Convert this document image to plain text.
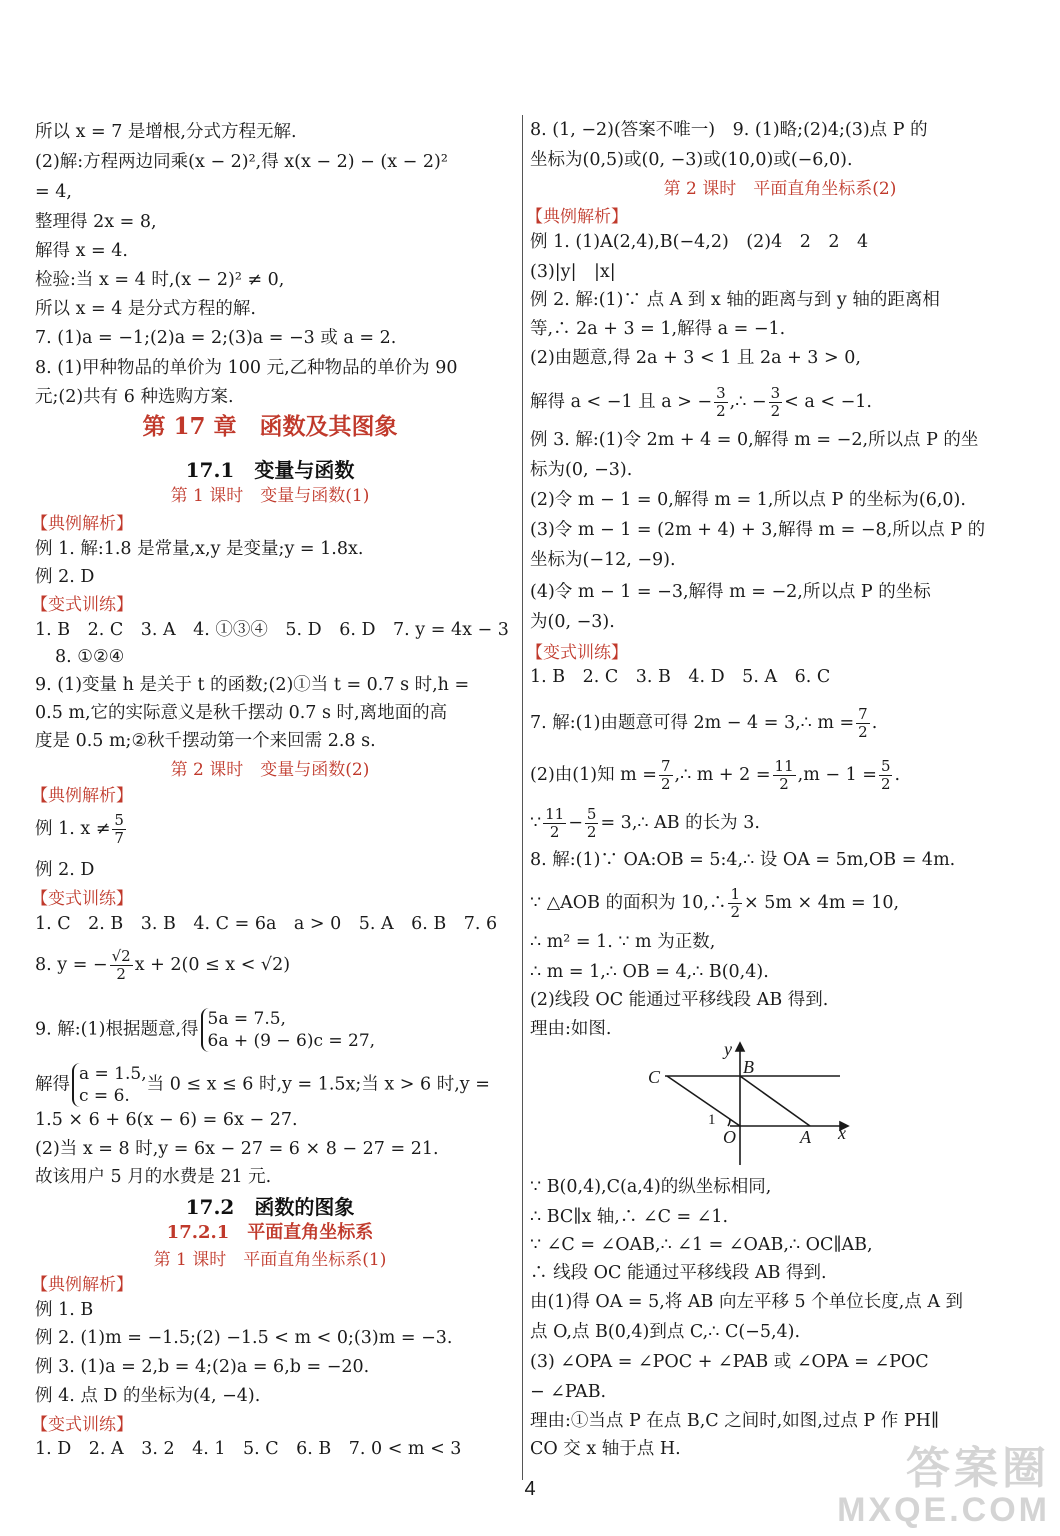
所以 x = 7 是增根,分式方程无解.
(2)解:方程两边同乘(x − 2)²,得 x(x − 2) − (x − 2)²
= 4,
整理得 2x = 8,
解得 x = 4.
检验:当 x = 4 时,(x − 2)² ≠ 0,
所以 x = 4 是分式方程的解.
7. (1)a = −1;(2)a = 2;(3)a = −3 或 a = 2.
8. (1)甲种物品的单价为 100 元,乙种物品的单价为 90
元;(2)共有 6 种选购方案.
第 17 章　函数及其图象
17.1　变量与函数
第 1 课时　变量与函数(1)
【典例解析】
例 1. 解:1.8 是常量,x,y 是变量;y = 1.8x.
例 2. D
【变式训练】
1. B　2. C　3. A　4. ①③④　5. D　6. D　7. y = 4x − 3
8. ①②④
9. (1)变量 h 是关于 t 的函数;(2)①当 t = 0.7 s 时,h =
0.5 m,它的实际意义是秋千摆动 0.7 s 时,离地面的高
度是 0.5 m;②秋千摆动第一个来回需 2.8 s.
第 2 课时　变量与函数(2)
【典例解析】
例 1. $x \ne \frac{5}{7}$
例 2. D
【变式训练】
1. C　2. B　3. B　4. C = 6a　a > 0　5. A　6. B　7. 6
8. y = − $\frac{√2}{2}$ x + 2(0 ≤ x < √2)
9. 解:(1)根据题意,得
5a = 7.5,
6a + (9 − 6)c = 27,
解得
a = 1.5,
c = 6.
当 0 ≤ x ≤ 6 时,y = 1.5x;当 x > 6 时,y =
1.5 × 6 + 6(x − 6) = 6x − 27.
(2)当 x = 8 时,y = 6x − 27 = 6 × 8 − 27 = 21.
故该用户 5 月的水费是 21 元.
17.2　函数的图象
17.2.1　平面直角坐标系
第 1 课时　平面直角坐标系(1)
【典例解析】
例 1. B
例 2. (1)m = −1.5;(2) −1.5 < m < 0;(3)m = −3.
例 3. (1)a = 2,b = 4;(2)a = 6,b = −20.
例 4. 点 D 的坐标为(4, −4).
【变式训练】
1. D　2. A　3. 2　4. 1　5. C　6. B　7. 0 < m < 3
8. (1, −2)(答案不唯一)　9. (1)略;(2)4;(3)点 P 的
坐标为(0,5)或(0, −3)或(10,0)或(−6,0).
第 2 课时　平面直角坐标系(2)
【典例解析】
例 1. (1)A(2,4),B(−4,2)　(2)4　2　2　4
(3)|y|　|x|
例 2. 解:(1)∵ 点 A 到 x 轴的距离与到 y 轴的距离相
等,∴ 2a + 3 = 1,解得 a = −1.
(2)由题意,得 2a + 3 < 1 且 2a + 3 > 0,
解得 a < −1 且 a > − $\frac{3}{2}$ ,∴ − $\frac{3}{2} < a < -1$.
例 3. 解:(1)令 2m + 4 = 0,解得 m = −2,所以点 P 的坐
标为(0, −3).
(2)令 m − 1 = 0,解得 m = 1,所以点 P 的坐标为(6,0).
(3)令 m − 1 = (2m + 4) + 3,解得 m = −8,所以点 P 的
坐标为(−12, −9).
(4)令 m − 1 = −3,解得 m = −2,所以点 P 的坐标
为(0, −3).
【变式训练】
1. B　2. C　3. B　4. D　5. A　6. C
7. 解:(1)由题意可得 2m − 4 = 3,∴ $m = \frac{7}{2}$ .
(2)由(1)知 $m = \frac{7}{2}$ ,∴ $m + 2 = \frac{11}{2} ,m - 1 = \frac{5}{2}$ .
∵ $\frac{11}{2} - \frac{5}{2}$ = 3,∴ AB 的长为 3.
8. 解:(1)∵ OA:OB = 5:4,∴ 设 OA = 5m,OB = 4m.
∵ △AOB 的面积为 10,∴ $\frac{1}{2} \times 5m \times 4m = 10$,
∴ m² = 1. ∵ m 为正数,
∴ m = 1,∴ OB = 4,∴ B(0,4).
(2)线段 OC 能通过平移线段 AB 得到.
理由:如图.
C	B
y
x
O	A
1
∵ B(0,4),C(a,4)的纵坐标相同,
∴ BC∥x 轴,∴ ∠C = ∠1.
∵ ∠C = ∠OAB,∴ ∠1 = ∠OAB,∴ OC∥AB,
∴ 线段 OC 能通过平移线段 AB 得到.
由(1)得 OA = 5,将 AB 向左平移 5 个单位长度,点 A 到
点 O,点 B(0,4)到点 C,∴ C(−5,4).
(3) ∠OPA = ∠POC + ∠PAB 或 ∠OPA = ∠POC
− ∠PAB.
理由:①当点 P 在点 B,C 之间时,如图,过点 P 作 PH∥
CO 交 x 轴于点 H.
4	答案圈
MXQE.COM
